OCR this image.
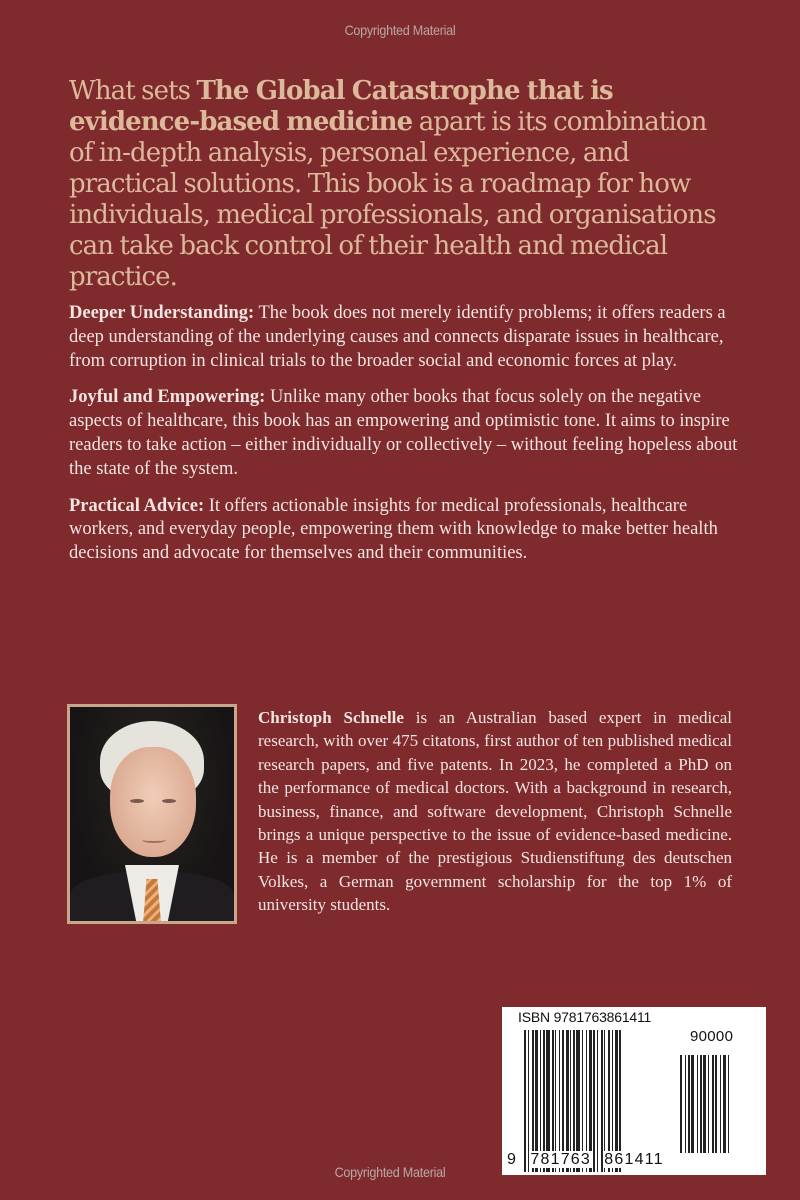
Copyrighted Material
What sets The Global Catastrophe that is evidence-based medicine apart is its combination of in-depth analysis, personal experience, and practical solutions. This book is a roadmap for how individuals, medical professionals, and organisations can take back control of their health and medical practice.

Deeper Understanding: The book does not merely identify problems; it offers readers a deep understanding of the underlying causes and connects disparate issues in healthcare, from corruption in clinical trials to the broader social and economic forces at play.

Joyful and Empowering: Unlike many other books that focus solely on the negative aspects of healthcare, this book has an empowering and optimistic tone. It aims to inspire readers to take action – either individually or collectively – without feeling hopeless about the state of the system.

Practical Advice: It offers actionable insights for medical professionals, healthcare workers, and everyday people, empowering them with knowledge to make better health decisions and advocate for themselves and their communities.

Christoph Schnelle is an Australian based expert in medical research, with over 475 citatons, first author of ten published medical research papers, and five patents. In 2023, he completed a PhD on the performance of medical doctors. With a background in research, business, finance, and software development, Christoph Schnelle brings a unique perspective to the issue of evidence-based medicine. He is a member of the prestigious Studienstiftung des deutschen Volkes, a German government scholarship for the top 1% of university students.
ISBN 9781763861411
90000
9 781763 861411
Copyrighted Material
